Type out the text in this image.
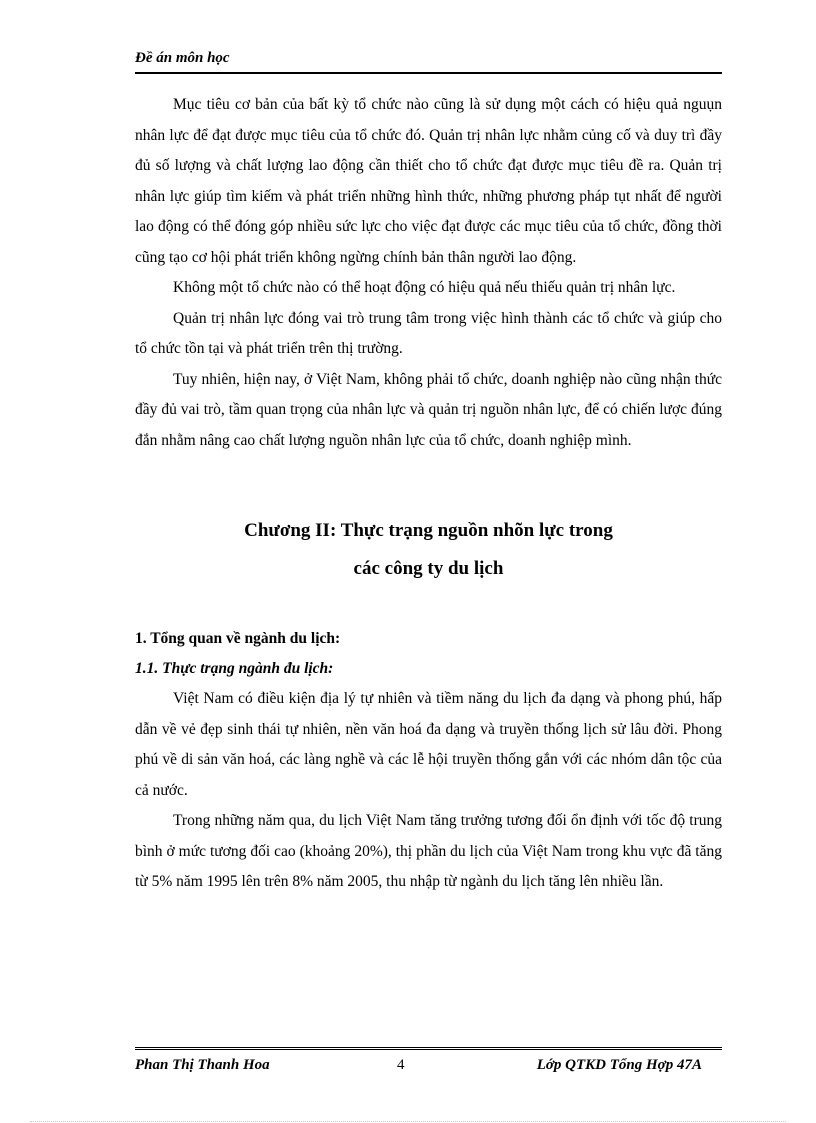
Đề án môn học

Mục tiêu cơ bản của bất kỳ tổ chức nào cũng là sử dụng một cách có hiệu quả nguụn nhân lực để đạt được mục tiêu của tổ chức đó. Quản trị nhân lực nhằm củng cố và duy trì đầy đủ số lượng và chất lượng lao động cần thiết cho tổ chức đạt được mục tiêu đề ra. Quản trị nhân lực giúp tìm kiếm và phát triển những hình thức, những phương pháp tụt nhất để người lao động có thể đóng góp nhiều sức lực cho việc đạt được các mục tiêu của tổ chức, đồng thời cũng tạo cơ hội phát triển không ngừng chính bản thân người lao động.

Không một tổ chức nào có thể hoạt động có hiệu quả nếu thiếu quản trị nhân lực.

Quản trị nhân lực đóng vai trò trung tâm trong việc hình thành các tổ chức và giúp cho tổ chức tồn tại và phát triển trên thị trường.

Tuy nhiên, hiện nay, ở Việt Nam, không phải tổ chức, doanh nghiệp nào cũng nhận thức đầy đủ vai trò, tầm quan trọng của nhân lực và quản trị nguồn nhân lực, để có chiến lược đúng đắn nhằm nâng cao chất lượng nguồn nhân lực của tổ chức, doanh nghiệp mình.

Chương II: Thực trạng nguồn nhõn lực trong

các công ty du lịch

1. Tổng quan về ngành du lịch:

1.1. Thực trạng ngành đu lịch:

Việt Nam có điều kiện địa lý tự nhiên và tiềm năng du lịch đa dạng và phong phú, hấp dẫn về vẻ đẹp sinh thái tự nhiên, nền văn hoá đa dạng và truyền thống lịch sử lâu đời. Phong phú về di sản văn hoá, các làng nghề và các lễ hội truyền thống gắn với các nhóm dân tộc của cả nước.

Trong những năm qua, du lịch Việt Nam tăng trưởng tương đối ổn định với tốc độ trung bình ở mức tương đối cao (khoảng 20%), thị phần du lịch của Việt Nam trong khu vực đã tăng từ 5% năm 1995 lên trên 8% năm 2005, thu nhập từ ngành du lịch tăng lên nhiều lần.

Phan Thị Thanh Hoa	4	Lớp QTKD Tổng Hợp 47A
